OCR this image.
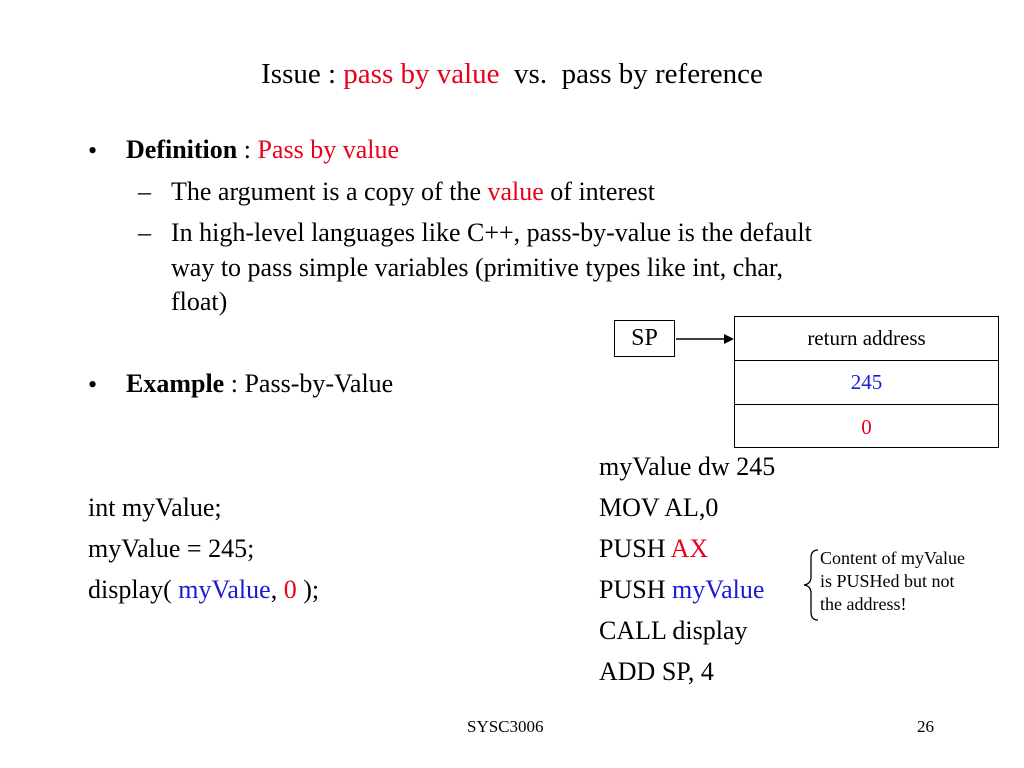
Issue : pass by value  vs.  pass by reference
• Definition : Pass by value
– The argument is a copy of the value of interest
– In high-level languages like C++, pass-by-value is the default
way to pass simple variables (primitive types like int, char,
float)
• Example : Pass-by-Value
int myValue;
myValue = 245;
display( myValue, 0 );
myValue dw 245
MOV AL,0
PUSH AX
PUSH myValue
CALL display
ADD SP, 4
SP	return address
245
0
Content of myValue
is PUSHed but not
the address!
SYSC3006	26
